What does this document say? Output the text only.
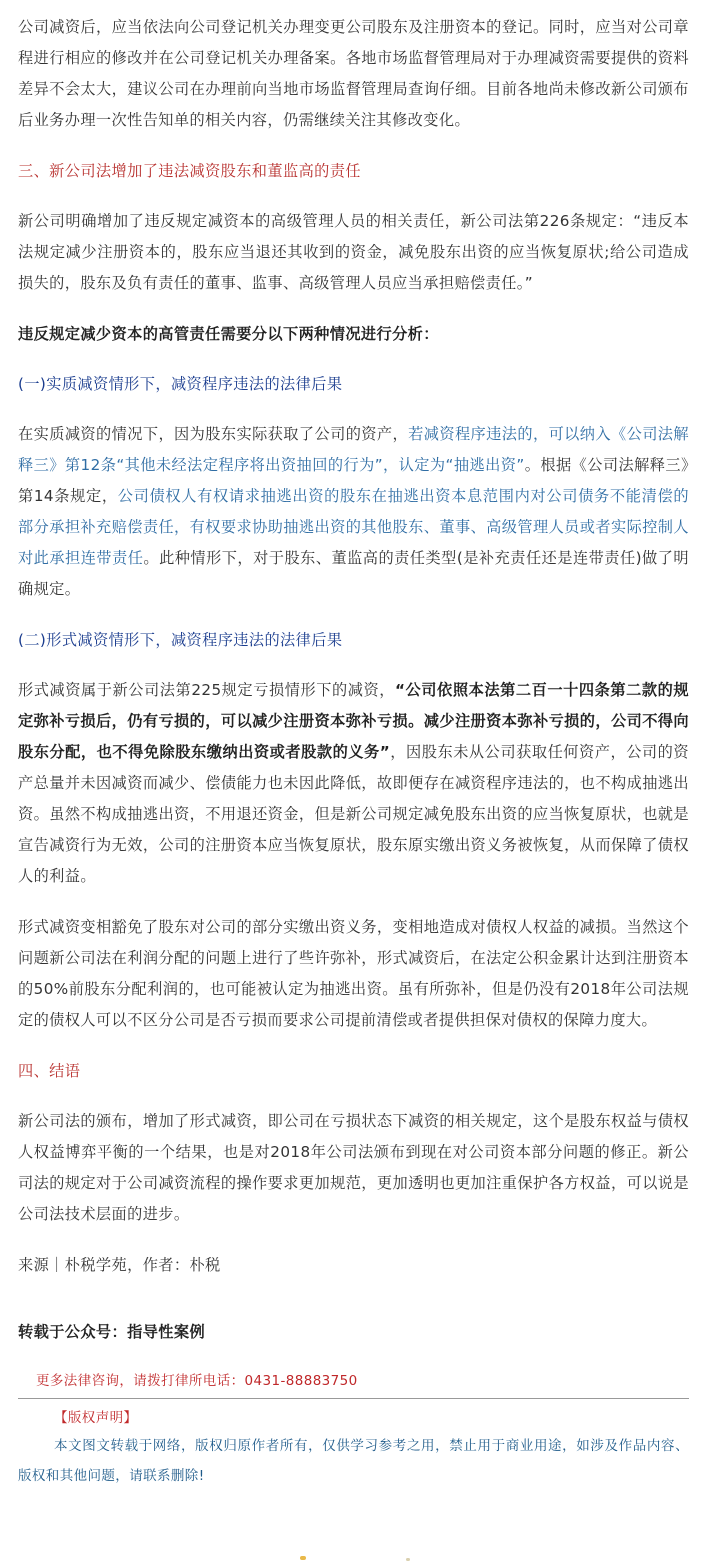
公司减资后，应当依法向公司登记机关办理变更公司股东及注册资本的登记。同时，应当对公司章程进行相应的修改并在公司登记机关办理备案。各地市场监督管理局对于办理减资需要提供的资料差异不会太大，建议公司在办理前向当地市场监督管理局查询仔细。目前各地尚未修改新公司颁布后业务办理一次性告知单的相关内容，仍需继续关注其修改变化。

三、新公司法增加了违法减资股东和董监高的责任

新公司明确增加了违反规定减资本的高级管理人员的相关责任，新公司法第226条规定：“违反本法规定减少注册资本的，股东应当退还其收到的资金，减免股东出资的应当恢复原状;给公司造成损失的，股东及负有责任的董事、监事、高级管理人员应当承担赔偿责任。”

违反规定减少资本的高管责任需要分以下两种情况进行分析：

(一)实质减资情形下，减资程序违法的法律后果

在实质减资的情况下，因为股东实际获取了公司的资产，若减资程序违法的，可以纳入《公司法解释三》第12条“其他未经法定程序将出资抽回的行为”，认定为“抽逃出资”。根据《公司法解释三》第14条规定，公司债权人有权请求抽逃出资的股东在抽逃出资本息范围内对公司债务不能清偿的部分承担补充赔偿责任，有权要求协助抽逃出资的其他股东、董事、高级管理人员或者实际控制人对此承担连带责任。此种情形下，对于股东、董监高的责任类型(是补充责任还是连带责任)做了明确规定。

(二)形式减资情形下，减资程序违法的法律后果

形式减资属于新公司法第225规定亏损情形下的减资，“公司依照本法第二百一十四条第二款的规定弥补亏损后，仍有亏损的，可以减少注册资本弥补亏损。减少注册资本弥补亏损的，公司不得向股东分配，也不得免除股东缴纳出资或者股款的义务”，因股东未从公司获取任何资产，公司的资产总量并未因减资而减少、偿债能力也未因此降低，故即便存在减资程序违法的，也不构成抽逃出资。虽然不构成抽逃出资，不用退还资金，但是新公司规定减免股东出资的应当恢复原状，也就是宣告减资行为无效，公司的注册资本应当恢复原状，股东原实缴出资义务被恢复，从而保障了债权人的利益。

形式减资变相豁免了股东对公司的部分实缴出资义务，变相地造成对债权人权益的减损。当然这个问题新公司法在利润分配的问题上进行了些许弥补，形式减资后，在法定公积金累计达到注册资本的50%前股东分配利润的，也可能被认定为抽逃出资。虽有所弥补，但是仍没有2018年公司法规定的债权人可以不区分公司是否亏损而要求公司提前清偿或者提供担保对债权的保障力度大。

四、结语

新公司法的颁布，增加了形式减资，即公司在亏损状态下减资的相关规定，这个是股东权益与债权人权益博弈平衡的一个结果，也是对2018年公司法颁布到现在对公司资本部分问题的修正。新公司法的规定对于公司减资流程的操作要求更加规范，更加透明也更加注重保护各方权益，可以说是公司法技术层面的进步。

来源｜朴税学苑，作者：朴税

转载于公众号：指导性案例

更多法律咨询，请拨打律所电话：0431-88883750

【版权声明】

本文图文转载于网络，版权归原作者所有，仅供学习参考之用，禁止用于商业用途，如涉及作品内容、版权和其他问题，请联系删除!
